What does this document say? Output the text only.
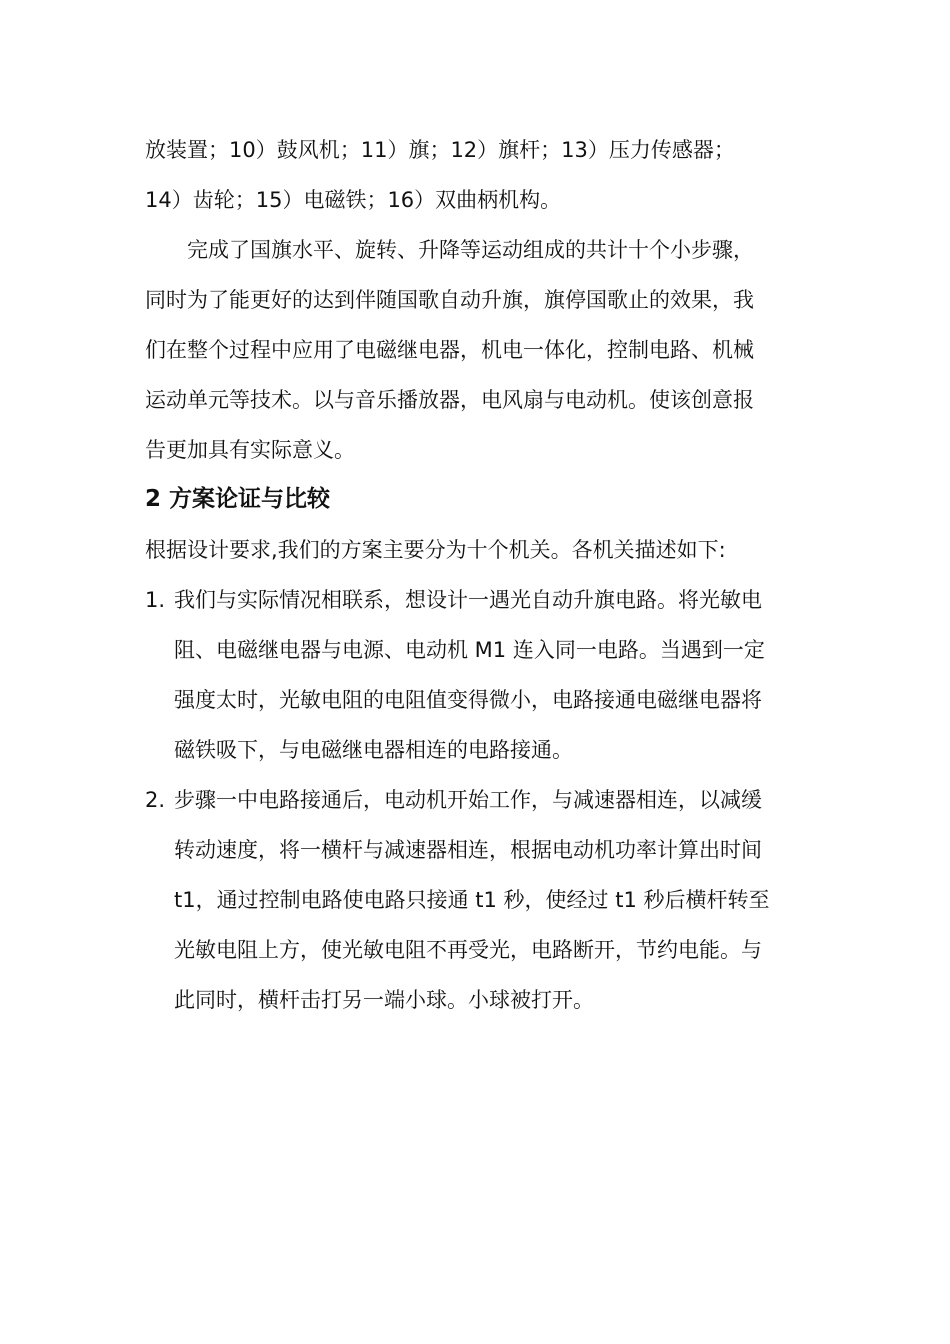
放装置；10）鼓风机；11）旗；12）旗杆；13）压力传感器；
14）齿轮；15）电磁铁；16）双曲柄机构。
完成了国旗水平、旋转、升降等运动组成的共计十个小步骤，
同时为了能更好的达到伴随国歌自动升旗，旗停国歌止的效果，我
们在整个过程中应用了电磁继电器，机电一体化，控制电路、机械
运动单元等技术。以与音乐播放器，电风扇与电动机。使该创意报
告更加具有实际意义。
2 方案论证与比较
根据设计要求,我们的方案主要分为十个机关。各机关描述如下:
1. 我们与实际情况相联系，想设计一遇光自动升旗电路。将光敏电
阻、电磁继电器与电源、电动机 M1 连入同一电路。当遇到一定
强度太时，光敏电阻的电阻值变得微小，电路接通电磁继电器将
磁铁吸下，与电磁继电器相连的电路接通。
2. 步骤一中电路接通后，电动机开始工作，与减速器相连，以减缓
转动速度，将一横杆与减速器相连，根据电动机功率计算出时间
t1，通过控制电路使电路只接通 t1 秒，使经过 t1 秒后横杆转至
光敏电阻上方，使光敏电阻不再受光，电路断开，节约电能。与
此同时，横杆击打另一端小球。小球被打开。
